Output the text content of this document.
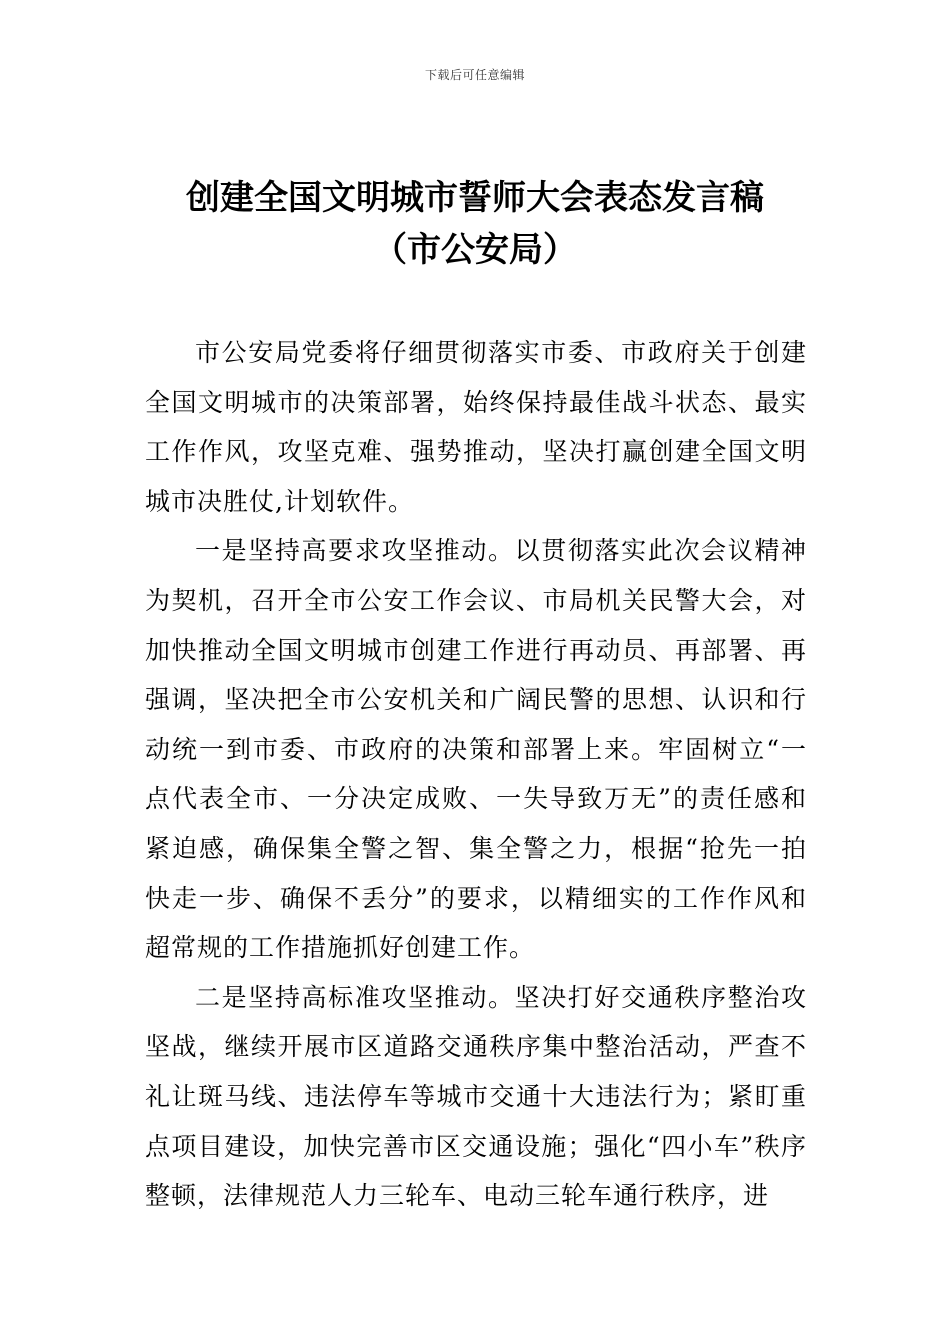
下载后可任意编辑
创建全国文明城市誓师大会表态发言稿
（市公安局）

市公安局党委将仔细贯彻落实市委、市政府关于创建全国文明城市的决策部署，始终保持最佳战斗状态、最实工作作风，攻坚克难、强势推动，坚决打赢创建全国文明城市决胜仗,计划软件。

一是坚持高要求攻坚推动。以贯彻落实此次会议精神为契机，召开全市公安工作会议、市局机关民警大会，对加快推动全国文明城市创建工作进行再动员、再部署、再强调，坚决把全市公安机关和广阔民警的思想、认识和行动统一到市委、市政府的决策和部署上来。牢固树立“一点代表全市、一分决定成败、一失导致万无”的责任感和紧迫感，确保集全警之智、集全警之力，根据“抢先一拍快走一步、确保不丢分”的要求，以精细实的工作作风和超常规的工作措施抓好创建工作。

二是坚持高标准攻坚推动。坚决打好交通秩序整治攻坚战，继续开展市区道路交通秩序集中整治活动，严查不礼让斑马线、违法停车等城市交通十大违法行为；紧盯重点项目建设，加快完善市区交通设施；强化“四小车”秩序整顿，法律规范人力三轮车、电动三轮车通行秩序，进
